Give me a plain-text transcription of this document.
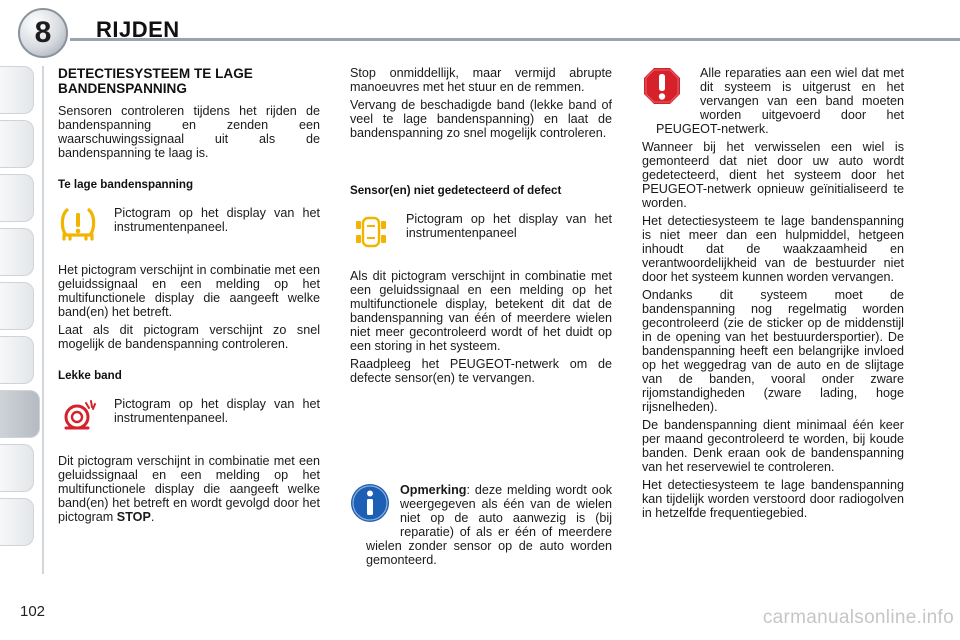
8 RIJDEN
DETECTIESYSTEEM TE LAGE BANDENSPANNING

Sensoren controleren tijdens het rijden de bandenspanning en zenden een waarschuwingssignaal uit als de bandenspanning te laag is.

Te lage bandenspanning
Pictogram op het display van het instrumentenpaneel.

Het pictogram verschijnt in combinatie met een geluidssignaal en een melding op het multifunctionele display die aangeeft welke band(en) het betreft.

Laat als dit pictogram verschijnt zo snel mogelijk de bandenspanning controleren.

Lekke band
Pictogram op het display van het instrumentenpaneel.

Dit pictogram verschijnt in combinatie met een geluidssignaal en een melding op het multifunctionele display die aangeeft welke band(en) het betreft en wordt gevolgd door het pictogram STOP.

Stop onmiddellijk, maar vermijd abrupte manoeuvres met het stuur en de remmen.

Vervang de beschadigde band (lekke band of veel te lage bandenspanning) en laat de bandenspanning zo snel mogelijk controleren.

Sensor(en) niet gedetecteerd of defect
Pictogram op het display van het instrumentenpaneel

Als dit pictogram verschijnt in combinatie met een geluidssignaal en een melding op het multifunctionele display, betekent dit dat de bandenspanning van één of meerdere wielen niet meer gecontroleerd wordt of het duidt op een storing in het systeem.

Raadpleeg het PEUGEOT-netwerk om de defecte sensor(en) te vervangen.

Opmerking: deze melding wordt ook weergegeven als één van de wielen niet op de auto aanwezig is (bij reparatie) of als er één of meerdere wielen zonder sensor op de auto worden gemonteerd.

Alle reparaties aan een wiel dat met dit systeem is uitgerust en het vervangen van een band moeten worden uitgevoerd door het PEUGEOT-netwerk.

Wanneer bij het verwisselen een wiel is gemonteerd dat niet door uw auto wordt gedetecteerd, dient het systeem door het PEUGEOT-netwerk opnieuw geïnitialiseerd te worden.

Het detectiesysteem te lage bandenspanning is niet meer dan een hulpmiddel, hetgeen inhoudt dat de waakzaamheid en verantwoordelijkheid van de bestuurder niet door het systeem kunnen worden vervangen.

Ondanks dit systeem moet de bandenspanning nog regelmatig worden gecontroleerd (zie de sticker op de middenstijl in de opening van het bestuurdersportier). De bandenspanning heeft een belangrijke invloed op het weggedrag van de auto en de slijtage van de banden, vooral onder zware rijomstandigheden (zware lading, hoge rijsnelheden).

De bandenspanning dient minimaal één keer per maand gecontroleerd te worden, bij koude banden. Denk eraan ook de bandenspanning van het reservewiel te controleren.

Het detectiesysteem te lage bandenspanning kan tijdelijk worden verstoord door radiogolven in hetzelfde frequentiegebied.

102	carmanualsonline.info
